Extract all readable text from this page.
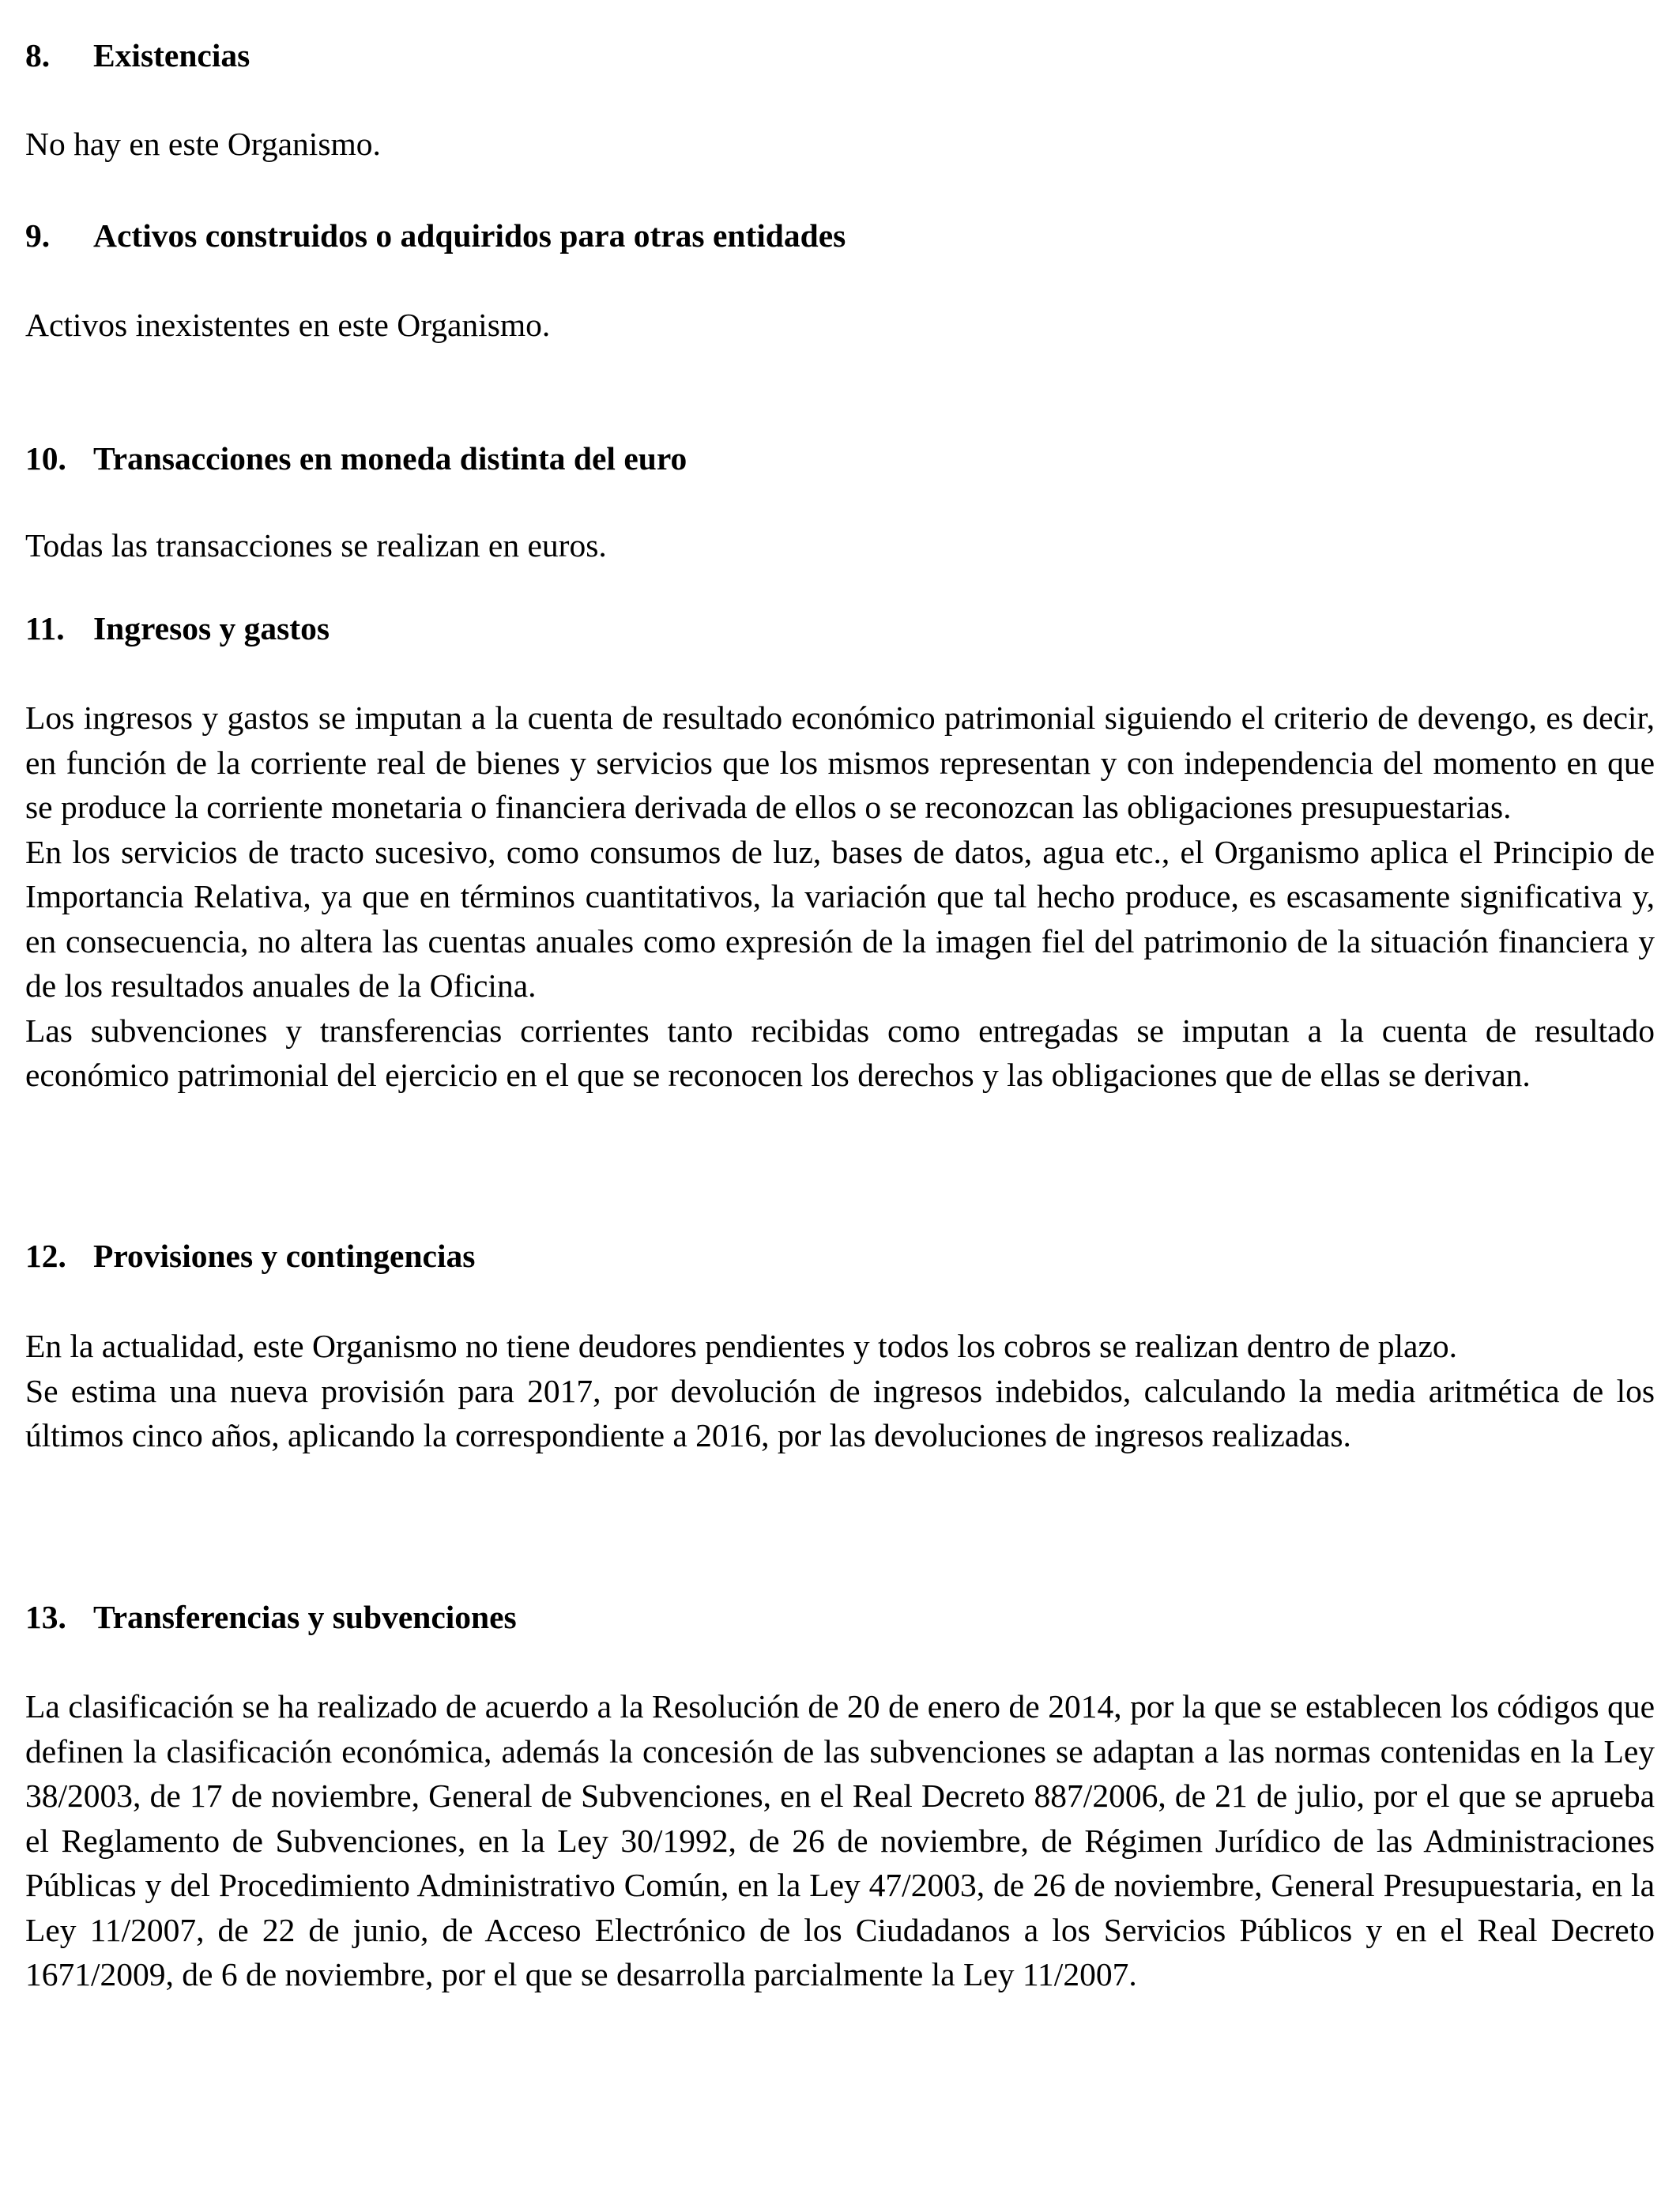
8. Existencias
No hay en este Organismo.
9. Activos construidos o adquiridos para otras entidades
Activos inexistentes en este Organismo.
10. Transacciones en moneda distinta del euro
Todas las transacciones se realizan en euros.
11. Ingresos y gastos

Los ingresos y gastos se imputan a la cuenta de resultado económico patrimonial siguiendo el criterio de devengo, es decir, en función de la corriente real de bienes y servicios que los mismos representan y con independencia del momento en que se produce la corriente monetaria o financiera derivada de ellos o se reconozcan las obligaciones presupuestarias.

En los servicios de tracto sucesivo, como consumos de luz, bases de datos, agua etc., el Organismo aplica el Principio de Importancia Relativa, ya que en términos cuantitativos, la variación que tal hecho produce, es escasamente significativa y, en consecuencia, no altera las cuentas anuales como expresión de la imagen fiel del patrimonio de la situación financiera y de los resultados anuales de la Oficina.

Las subvenciones y transferencias corrientes tanto recibidas como entregadas se imputan a la cuenta de resultado económico patrimonial del ejercicio en el que se reconocen los derechos y las obligaciones que de ellas se derivan.

12. Provisiones y contingencias

En la actualidad, este Organismo no tiene deudores pendientes y todos los cobros se realizan dentro de plazo.

Se estima una nueva provisión para 2017, por devolución de ingresos indebidos, calculando la media aritmética de los últimos cinco años, aplicando la correspondiente a 2016, por las devoluciones de ingresos realizadas.

13. Transferencias y subvenciones

La clasificación se ha realizado de acuerdo a la Resolución de 20 de enero de 2014, por la que se establecen los códigos que definen la clasificación económica, además la concesión de las subvenciones se adaptan a las normas contenidas en la Ley 38/2003, de 17 de noviembre, General de Subvenciones, en el Real Decreto 887/2006, de 21 de julio, por el que se aprueba el Reglamento de Subvenciones, en la Ley 30/1992, de 26 de noviembre, de Régimen Jurídico de las Administraciones Públicas y del Procedimiento Administrativo Común, en la Ley 47/2003, de 26 de noviembre, General Presupuestaria, en la Ley 11/2007, de 22 de junio, de Acceso Electrónico de los Ciudadanos a los Servicios Públicos y en el Real Decreto 1671/2009, de 6 de noviembre, por el que se desarrolla parcialmente la Ley 11/2007.
